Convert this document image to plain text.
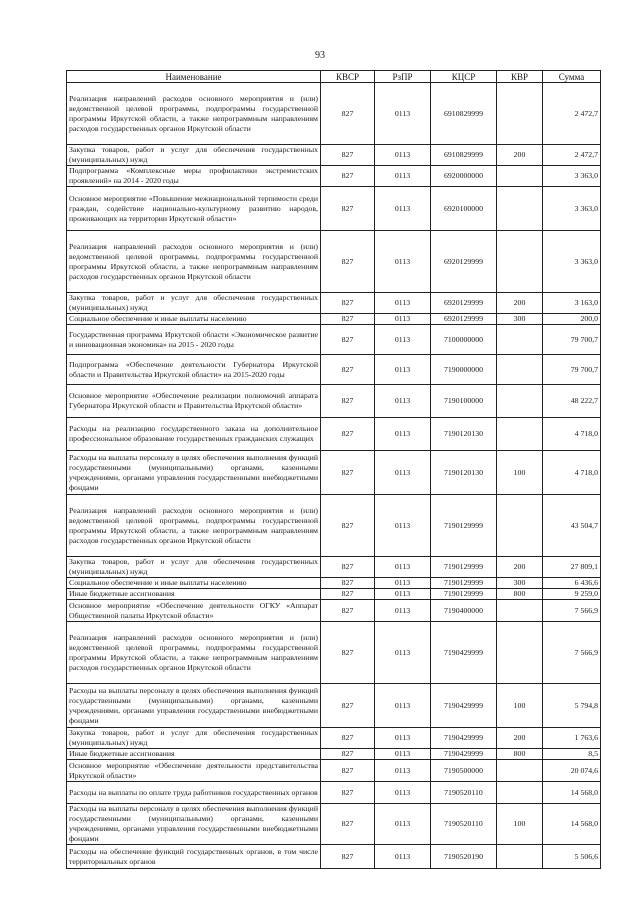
93
Наименование	КВСР	РзПР	КЦСР	КВР	Сумма
Реализация направлений расходов основного мероприятия и (или) ведомственной целевой программы, подпрограммы государственной программы Иркутской области, а также непрограммным направлениям расходов государственных органов Иркутской области	827	0113	6910829999		2 472,7
Закупка товаров, работ и услуг для обеспечения государственных (муниципальных) нужд	827	0113	6910829999	200	2 472,7
Подпрограмма «Комплексные меры профилактики экстремистских проявлений» на 2014 - 2020 годы	827	0113	6920000000		3 363,0
Основное мероприятие «Повышение межнациональной терпимости среди граждан, содействие национально-культурному развитию народов, проживающих на территории Иркутской области»	827	0113	6920100000		3 363,0
Реализация направлений расходов основного мероприятия и (или) ведомственной целевой программы, подпрограммы государственной программы Иркутской области, а также непрограммным направлениям расходов государственных органов Иркутской области	827	0113	6920129999		3 363,0
Закупка товаров, работ и услуг для обеспечения государственных (муниципальных) нужд	827	0113	6920129999	200	3 163,0
Социальное обеспечение и иные выплаты населению	827	0113	6920129999	300	200,0
Государственная программа Иркутской области «Экономическое развитие и инновационная экономика» на 2015 - 2020 годы	827	0113	7100000000		79 700,7
Подпрограмма «Обеспечение деятельности Губернатора Иркутской области и Правительства Иркутской области» на 2015-2020 годы	827	0113	7190000000		79 700,7
Основное мероприятие «Обеспечение реализации полномочий аппарата Губернатора Иркутской области и Правительства Иркутской области»	827	0113	7190100000		48 222,7
Расходы на реализацию государственного заказа на дополнительное профессиональное образование государственных гражданских служащих	827	0113	7190120130		4 718,0
Расходы на выплаты персоналу в целях обеспечения выполнения функций государственными (муниципальными) органами, казенными учреждениями, органами управления государственными внебюджетными фондами	827	0113	7190120130	100	4 718,0
Реализация направлений расходов основного мероприятия и (или) ведомственной целевой программы, подпрограммы государственной программы Иркутской области, а также непрограммным направлениям расходов государственных органов Иркутской области	827	0113	7190129999		43 504,7
Закупка товаров, работ и услуг для обеспечения государственных (муниципальных) нужд	827	0113	7190129999	200	27 809,1
Социальное обеспечение и иные выплаты населению	827	0113	7190129999	300	6 436,6
Иные бюджетные ассигнования	827	0113	7190129999	800	9 259,0
Основное мероприятие «Обеспечение деятельности ОГКУ «Аппарат Общественной палаты Иркутской области»	827	0113	7190400000		7 566,9
Реализация направлений расходов основного мероприятия и (или) ведомственной целевой программы, подпрограммы государственной программы Иркутской области, а также непрограммным направлениям расходов государственных органов Иркутской области	827	0113	7190429999		7 566,9
Расходы на выплаты персоналу в целях обеспечения выполнения функций государственными (муниципальными) органами, казенными учреждениями, органами управления государственными внебюджетными фондами	827	0113	7190429999	100	5 794,8
Закупка товаров, работ и услуг для обеспечения государственных (муниципальных) нужд	827	0113	7190429999	200	1 763,6
Иные бюджетные ассигнования	827	0113	7190429999	800	8,5
Основное мероприятие «Обеспечение деятельности представительства Иркутской области»	827	0113	7190500000		20 074,6
Расходы на выплаты по оплате труда работников государственных органов	827	0113	7190520110		14 568,0
Расходы на выплаты персоналу в целях обеспечения выполнения функций государственными (муниципальными) органами, казенными учреждениями, органами управления государственными внебюджетными фондами	827	0113	7190520110	100	14 568,0
Расходы на обеспечение функций государственных органов, в том числе территориальных органов	827	0113	7190520190		5 506,6
